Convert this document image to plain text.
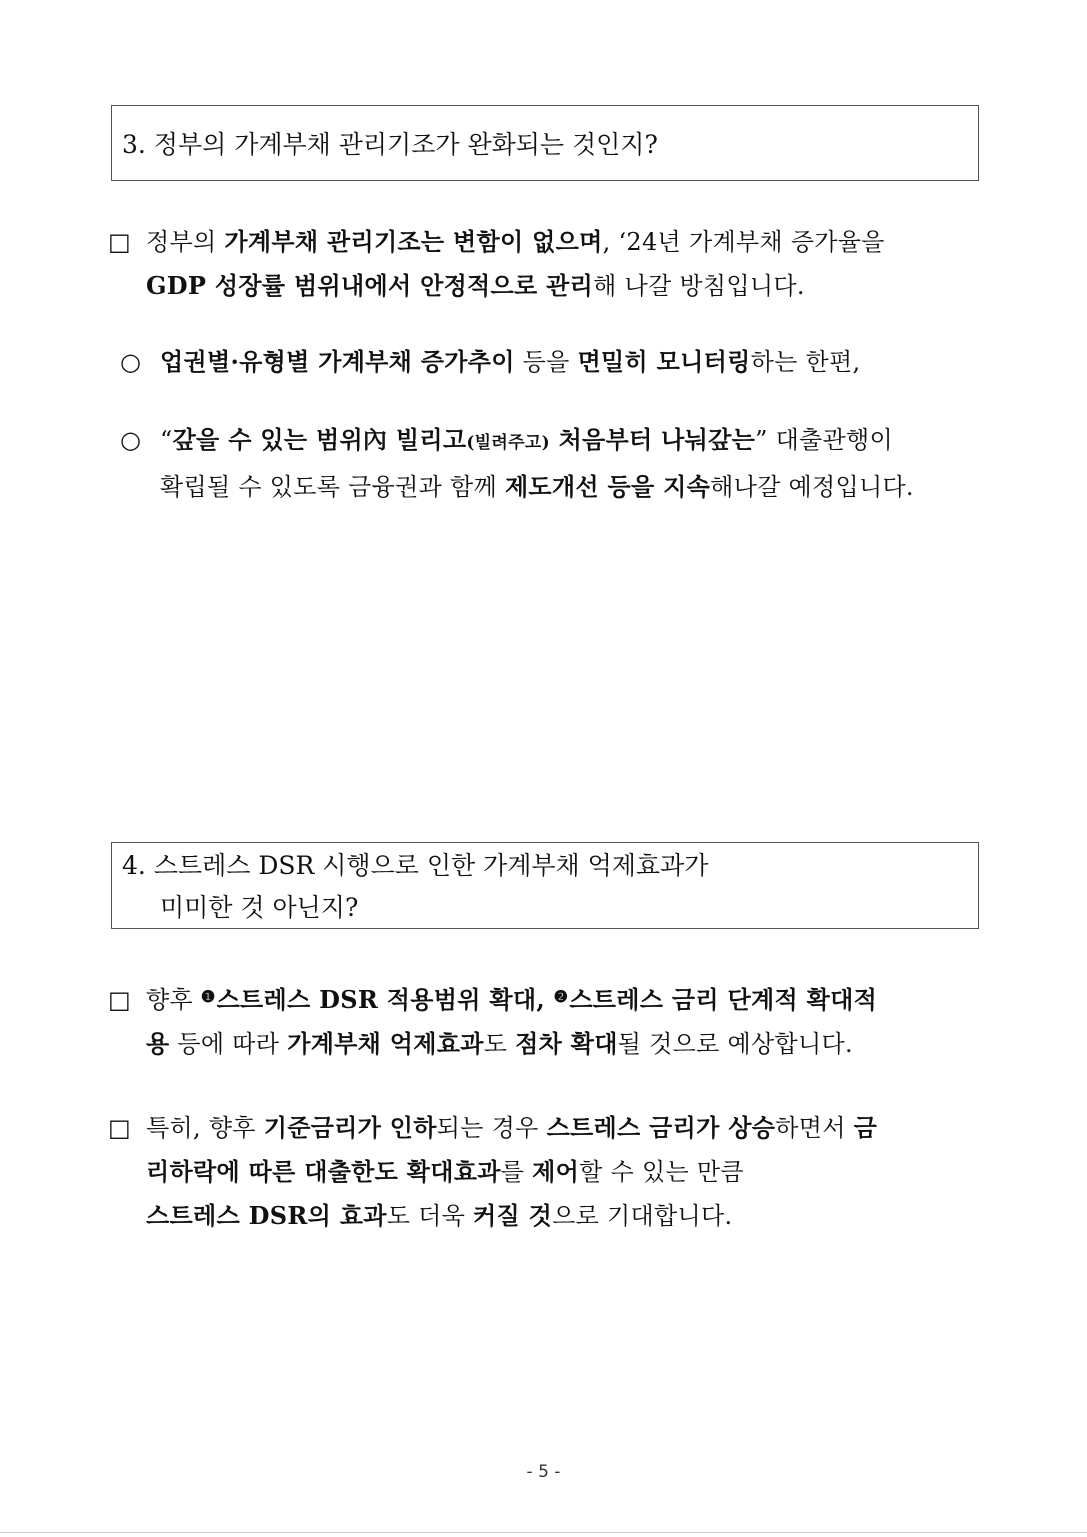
3. 정부의 가계부채 관리기조가 완화되는 것인지?
□ 정부의 가계부채 관리기조는 변함이 없으며, ‘24년 가계부채 증가율을
GDP 성장률 범위내에서 안정적으로 관리해 나갈 방침입니다.
○ 업권별·유형별 가계부채 증가추이 등을 면밀히 모니터링하는 한편,
○ “갚을 수 있는 범위內 빌리고(빌려주고) 처음부터 나눠갚는” 대출관행이
확립될 수 있도록 금융권과 함께 제도개선 등을 지속해나갈 예정입니다.
4. 스트레스 DSR 시행으로 인한 가계부채 억제효과가
미미한 것 아닌지?
□ 향후 $^❶$스트레스 DSR 적용범위 확대, $^❷$스트레스 금리 단계적 확대적
용 등에 따라 가계부채 억제효과도 점차 확대될 것으로 예상합니다.
□ 특히, 향후 기준금리가 인하되는 경우 스트레스 금리가 상승하면서 금
리하락에 따른 대출한도 확대효과를 제어할 수 있는 만큼
스트레스 DSR의 효과도 더욱 커질 것으로 기대합니다.
- 5 -
